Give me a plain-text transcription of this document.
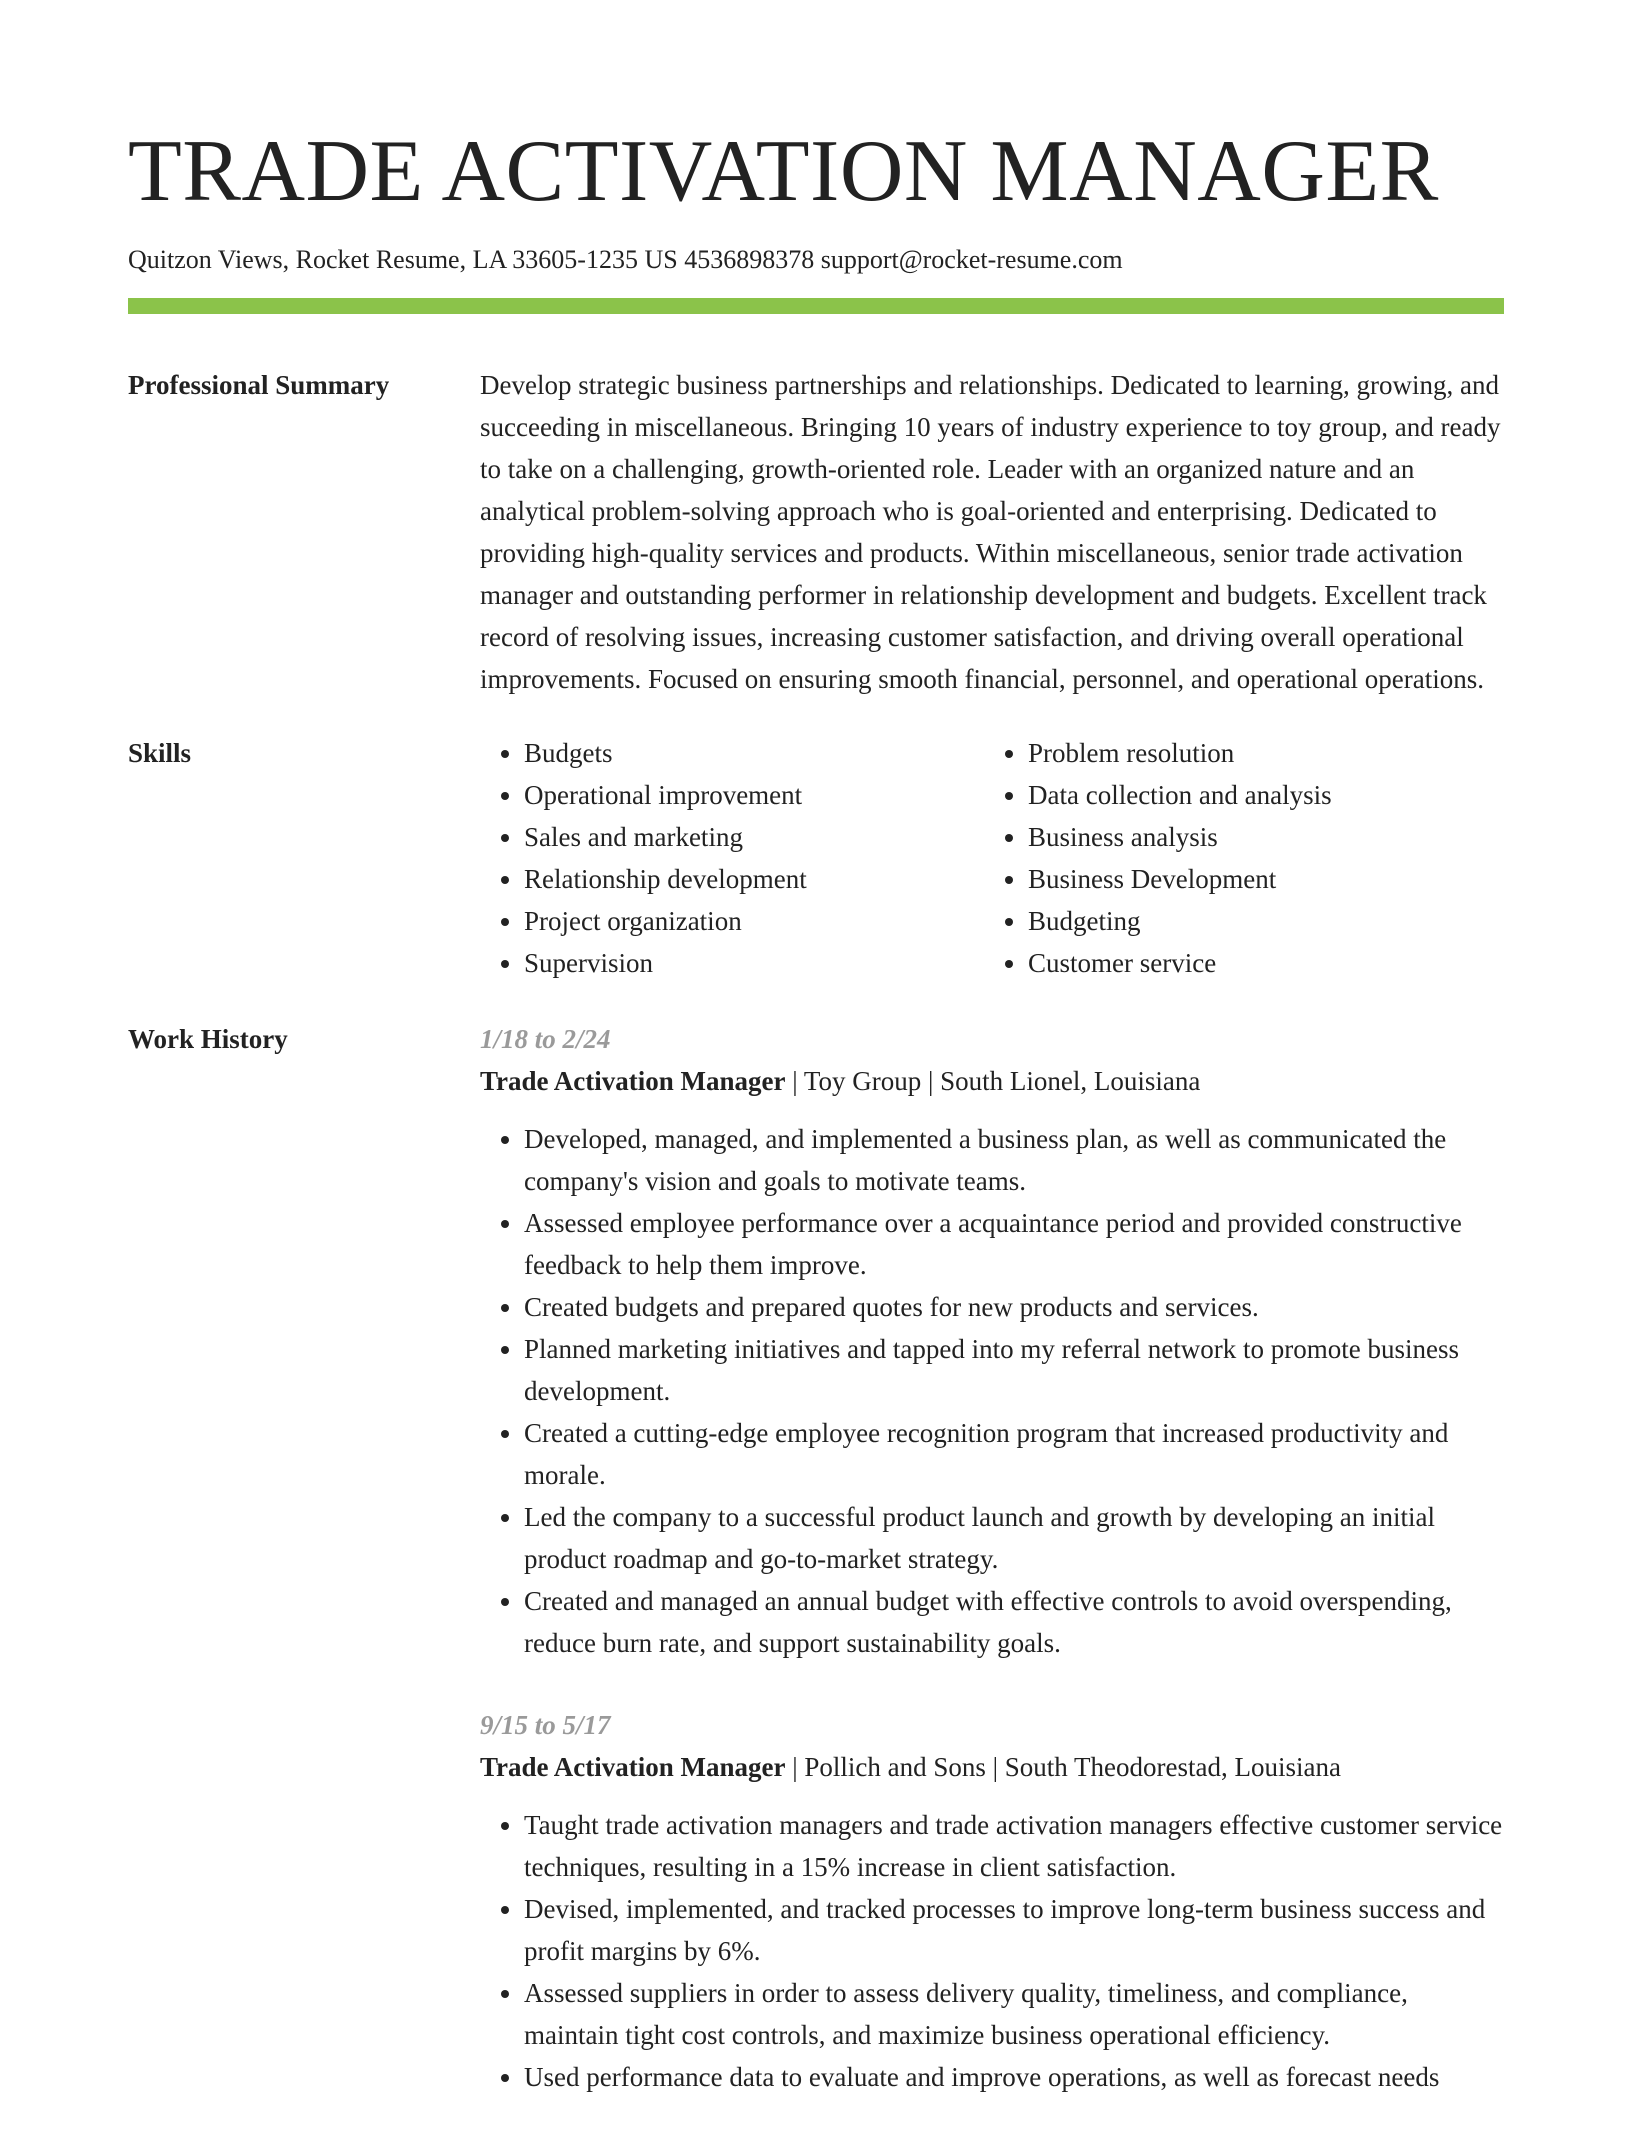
TRADE ACTIVATION MANAGER
Quitzon Views, Rocket Resume, LA 33605-1235 US 4536898378 support@rocket-resume.com
Professional Summary	Develop strategic business partnerships and relationships. Dedicated to learning, growing, and succeeding in miscellaneous. Bringing 10 years of industry experience to toy group, and ready to take on a challenging, growth-oriented role. Leader with an organized nature and an analytical problem-solving approach who is goal-oriented and enterprising. Dedicated to providing high-quality services and products. Within miscellaneous, senior trade activation manager and outstanding performer in relationship development and budgets. Excellent track record of resolving issues, increasing customer satisfaction, and driving overall operational improvements. Focused on ensuring smooth financial, personnel, and operational operations.

Skills
•	Budgets
• Operational improvement
• Sales and marketing
• Relationship development
• Project organization
• Supervision
• Problem resolution
• Data collection and analysis
• Business analysis
• Business Development
• Budgeting
• Customer service
Work History	1/18 to 2/24
Trade Activation Manager | Toy Group | South Lionel, Louisiana
• Developed, managed, and implemented a business plan, as well as communicated the company's vision and goals to motivate teams.
• Assessed employee performance over a acquaintance period and provided constructive feedback to help them improve.
• Created budgets and prepared quotes for new products and services.
• Planned marketing initiatives and tapped into my referral network to promote business development.
• Created a cutting-edge employee recognition program that increased productivity and morale.
• Led the company to a successful product launch and growth by developing an initial product roadmap and go-to-market strategy.
• Created and managed an annual budget with effective controls to avoid overspending, reduce burn rate, and support sustainability goals.
9/15 to 5/17
Trade Activation Manager | Pollich and Sons | South Theodorestad, Louisiana
• Taught trade activation managers and trade activation managers effective customer service techniques, resulting in a 15% increase in client satisfaction.
• Devised, implemented, and tracked processes to improve long-term business success and profit margins by 6%.
• Assessed suppliers in order to assess delivery quality, timeliness, and compliance, maintain tight cost controls, and maximize business operational efficiency.
• Used performance data to evaluate and improve operations, as well as forecast needs
